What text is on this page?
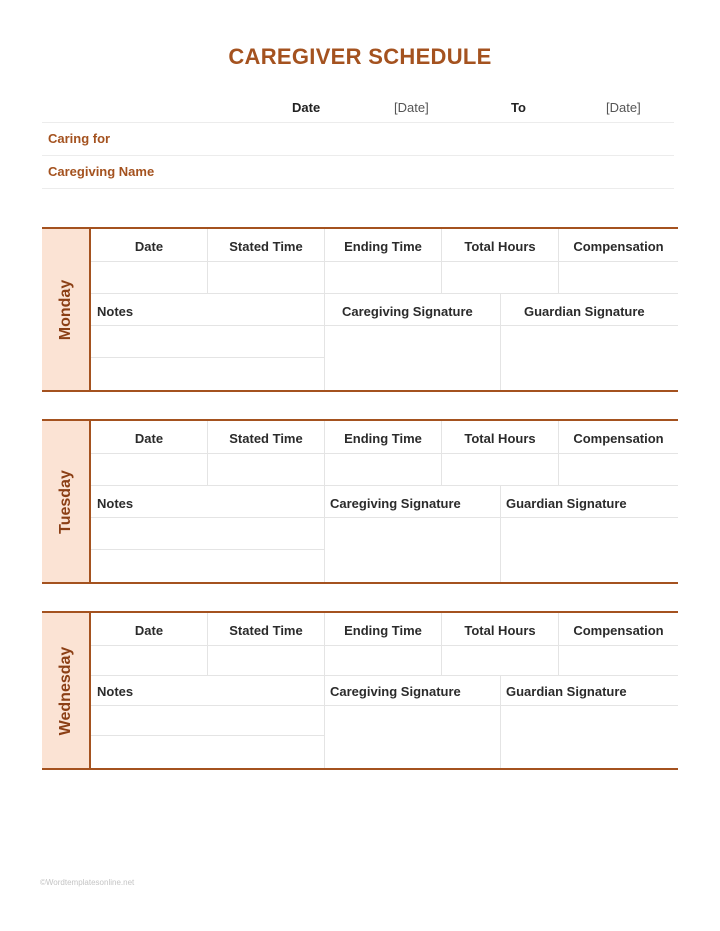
CAREGIVER SCHEDULE
Date	[Date]	To	[Date]
Caring for
Caregiving Name
Monday
Date	Stated Time	Ending Time	Total Hours	Compensation
Notes	Caregiving Signature	Guardian Signature
Tuesday
Date	Stated Time	Ending Time	Total Hours	Compensation
Notes	Caregiving Signature	Guardian Signature
Wednesday
Date	Stated Time	Ending Time	Total Hours	Compensation
Notes	Caregiving Signature	Guardian Signature
©Wordtemplatesonline.net
